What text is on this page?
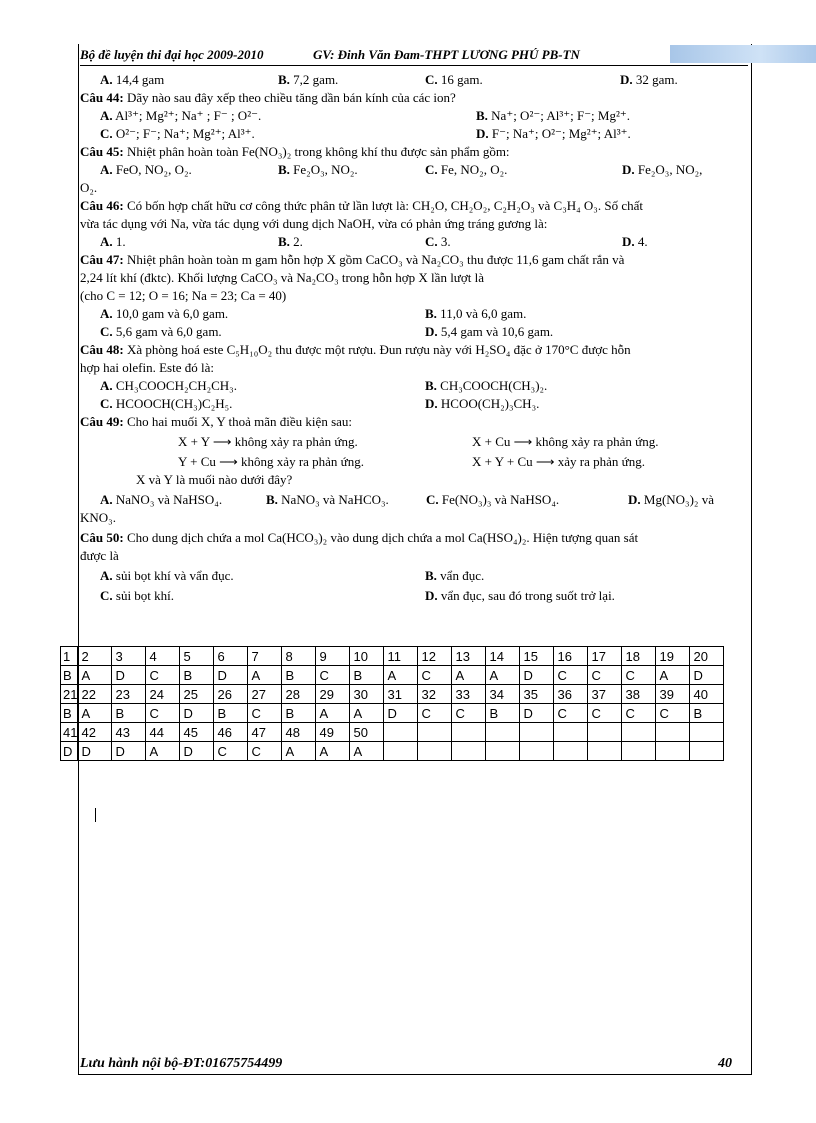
Bộ đề luyện thi đại học 2009-2010	GV: Đinh Văn Đam-THPT LƯƠNG PHÚ PB-TN
A. 14,4 gam	B. 7,2 gam.	C. 16 gam.	D. 32 gam.
Câu 44: Dãy nào sau đây xếp theo chiều tăng dần bán kính của các ion?
A. Al³⁺; Mg²⁺; Na⁺ ; F⁻ ; O²⁻.	B. Na⁺; O²⁻; Al³⁺; F⁻; Mg²⁺.
C. O²⁻; F⁻; Na⁺; Mg²⁺; Al³⁺.	D. F⁻; Na⁺; O²⁻; Mg²⁺; Al³⁺.
Câu 45: Nhiệt phân hoàn toàn Fe(NO₃)₂ trong không khí thu được sản phẩm gồm:
A. FeO, NO₂, O₂.	B. Fe₂O₃, NO₂.	C. Fe, NO₂, O₂.	D. Fe₂O₃, NO₂,
O₂.
Câu 46: Có bốn hợp chất hữu cơ công thức phân tử lần lượt là: CH₂O, CH₂O₂, C₂H₂O₃ và C₃H₄ O₃. Số chất
vừa tác dụng với Na, vừa tác dụng với dung dịch NaOH, vừa có phản ứng tráng gương là:
A. 1.	B. 2.	C. 3.	D. 4.
Câu 47: Nhiệt phân hoàn toàn m gam hỗn hợp X gồm CaCO₃ và Na₂CO₃ thu được 11,6 gam chất rắn và
2,24 lít khí (đktc). Khối lượng CaCO₃ và Na₂CO₃ trong hỗn hợp X lần lượt là
(cho C = 12; O = 16; Na = 23; Ca = 40)
A. 10,0 gam và 6,0 gam.	B. 11,0 và 6,0 gam.
C. 5,6 gam và 6,0 gam.	D. 5,4 gam và 10,6 gam.
Câu 48: Xà phòng hoá este C₅H₁₀O₂ thu được một rượu. Đun rượu này với H₂SO₄ đặc ở 170°C được hỗn
hợp hai olefin. Este đó là:
A. CH₃COOCH₂CH₂CH₃.	B. CH₃COOCH(CH₃)₂.
C. HCOOCH(CH₃)C₂H₅.	D. HCOO(CH₂)₃CH₃.
Câu 49: Cho hai muối X, Y thoả mãn điều kiện sau:
X + Y ⟶ không xảy ra phản ứng.	X + Cu ⟶ không xảy ra phản ứng.
Y + Cu ⟶ không xảy ra phản ứng.	X + Y + Cu ⟶ xảy ra phản ứng.
X và Y là muối nào dưới đây?
A. NaNO₃ và NaHSO₄.	B. NaNO₃ và NaHCO₃.	C. Fe(NO₃)₃ và NaHSO₄.	D. Mg(NO₃)₂ và
KNO₃.
Câu 50: Cho dung dịch chứa a mol Ca(HCO₃)₂ vào dung dịch chứa a mol Ca(HSO₄)₂. Hiện tượng quan sát
được là
A. sủi bọt khí và vẩn đục.	B. vẩn đục.
C. sủi bọt khí.	D. vẩn đục, sau đó trong suốt trở lại.
1	2	3	4	5	6	7	8	9	10	11	12	13	14	15	16	17	18	19	20
B	A	D	C	B	D	A	B	C	B	A	C	A	A	D	C	C	C	A	D
21	22	23	24	25	26	27	28	29	30	31	32	33	34	35	36	37	38	39	40
B	A	B	C	D	B	C	B	A	A	D	C	C	B	D	C	C	C	C	B
41	42	43	44	45	46	47	48	49	50										
D	D	D	A	D	C	C	A	A	A										
Lưu hành nội bộ-ĐT:01675754499	40
